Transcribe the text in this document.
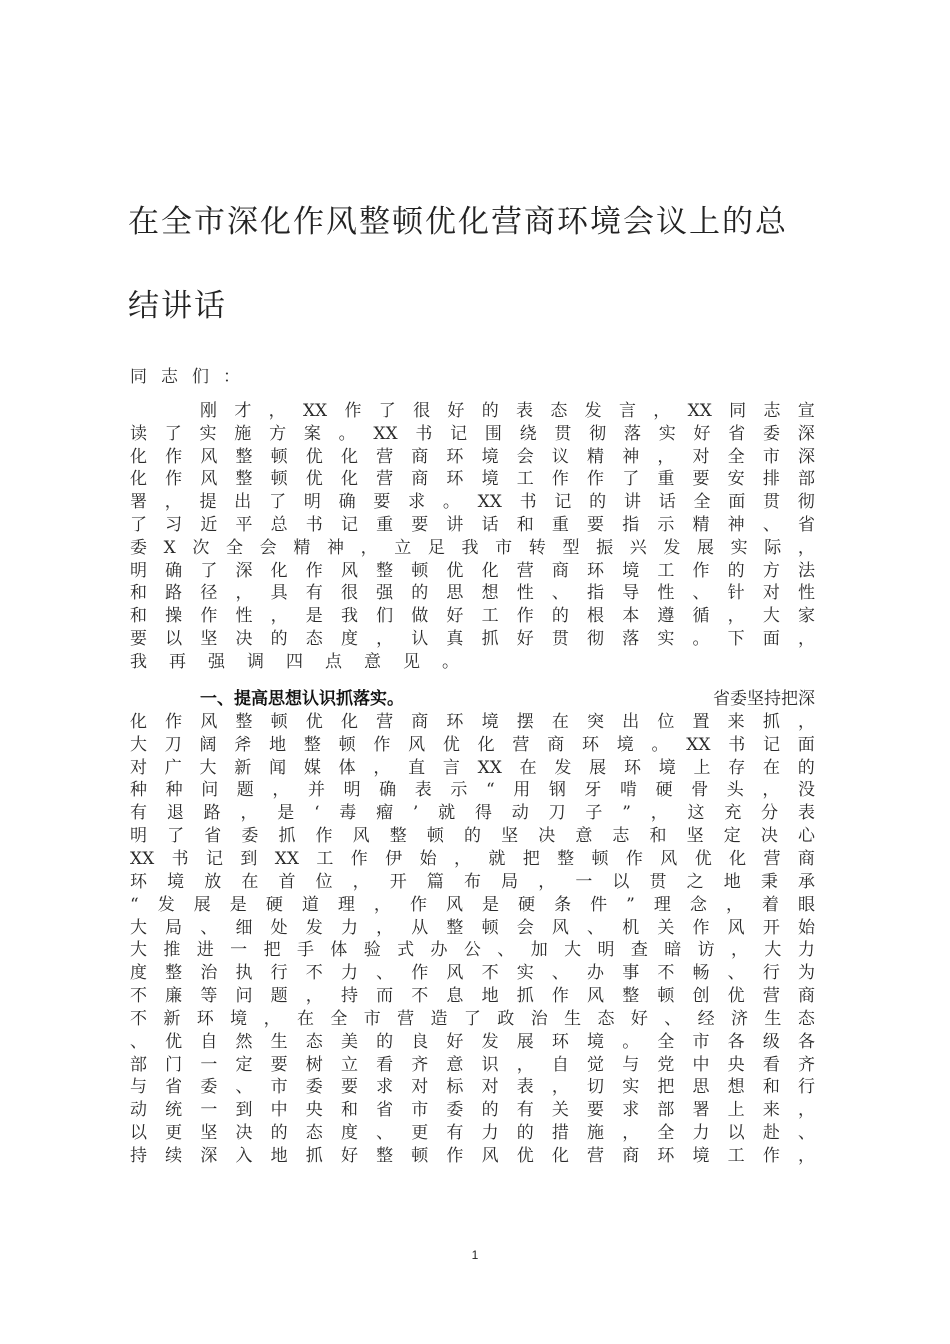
在全市深化作风整顿优化营商环境会议上的总
结讲话
同志们：
刚 才 ， XX 作 了 很 好 的 表 态 发 言 ， XX 同 志 宣
读 了 实 施 方 案 。 XX 书 记 围 绕 贯 彻 落 实 好 省 委 深
化 作 风 整 顿 优 化 营 商 环 境 会 议 精 神 ， 对 全 市 深
化 作 风 整 顿 优 化 营 商 环 境 工 作 作 了 重 要 安 排 部
署 ， 提 出 了 明 确 要 求 。 XX 书 记 的 讲 话 全 面 贯 彻
了 习 近 平 总 书 记 重 要 讲 话 和 重 要 指 示 精 神 、 省
委 X 次 全 会 精 神 ， 立 足 我 市 转 型 振 兴 发 展 实 际 ，
明 确 了 深 化 作 风 整 顿 优 化 营 商 环 境 工 作 的 方 法
和 路 径 ， 具 有 很 强 的 思 想 性 、 指 导 性 、 针 对 性
和 操 作 性 ， 是 我 们 做 好 工 作 的 根 本 遵 循 ， 大 家
要 以 坚 决 的 态 度 ， 认 真 抓 好 贯 彻 落 实 。 下 面 ，
我 再 强 调 四 点 意 见 。
一、提高思想认识抓落实。	省委坚持把深
化 作 风 整 顿 优 化 营 商 环 境 摆 在 突 出 位 置 来 抓 ，
大 刀 阔 斧 地 整 顿 作 风 优 化 营 商 环 境 。 XX 书 记 面
对 广 大 新 闻 媒 体 ， 直 言 XX 在 发 展 环 境 上 存 在 的
种 种 问 题 ， 并 明 确 表 示 “ 用 钢 牙 啃 硬 骨 头 ， 没
有 退 路 ， 是 ‘ 毒 瘤 ’ 就 得 动 刀 子 ” ， 这 充 分 表
明 了 省 委 抓 作 风 整 顿 的 坚 决 意 志 和 坚 定 决 心
XX 书 记 到 XX 工 作 伊 始 ， 就 把 整 顿 作 风 优 化 营 商
环 境 放 在 首 位 ， 开 篇 布 局 ， 一 以 贯 之 地 秉 承
“ 发 展 是 硬 道 理 ， 作 风 是 硬 条 件 ” 理 念 ， 着 眼
大 局 、 细 处 发 力 ， 从 整 顿 会 风 、 机 关 作 风 开 始
大 推 进 一 把 手 体 验 式 办 公 、 加 大 明 查 暗 访 ， 大 力
度 整 治 执 行 不 力 、 作 风 不 实 、 办 事 不 畅 、 行 为
不 廉 等 问 题 ， 持 而 不 息 地 抓 作 风 整 顿 创 优 营 商
不 新 环 境 ， 在 全 市 营 造 了 政 治 生 态 好 、 经 济 生 态
、 优 自 然 生 态 美 的 良 好 发 展 环 境 。 全 市 各 级 各
部 门 一 定 要 树 立 看 齐 意 识 ， 自 觉 与 党 中 央 看 齐
与 省 委 、 市 委 要 求 对 标 对 表 ， 切 实 把 思 想 和 行
动 统 一 到 中 央 和 省 市 委 的 有 关 要 求 部 署 上 来 ，
以 更 坚 决 的 态 度 、 更 有 力 的 措 施 ， 全 力 以 赴 、
持 续 深 入 地 抓 好 整 顿 作 风 优 化 营 商 环 境 工 作 ，
1
